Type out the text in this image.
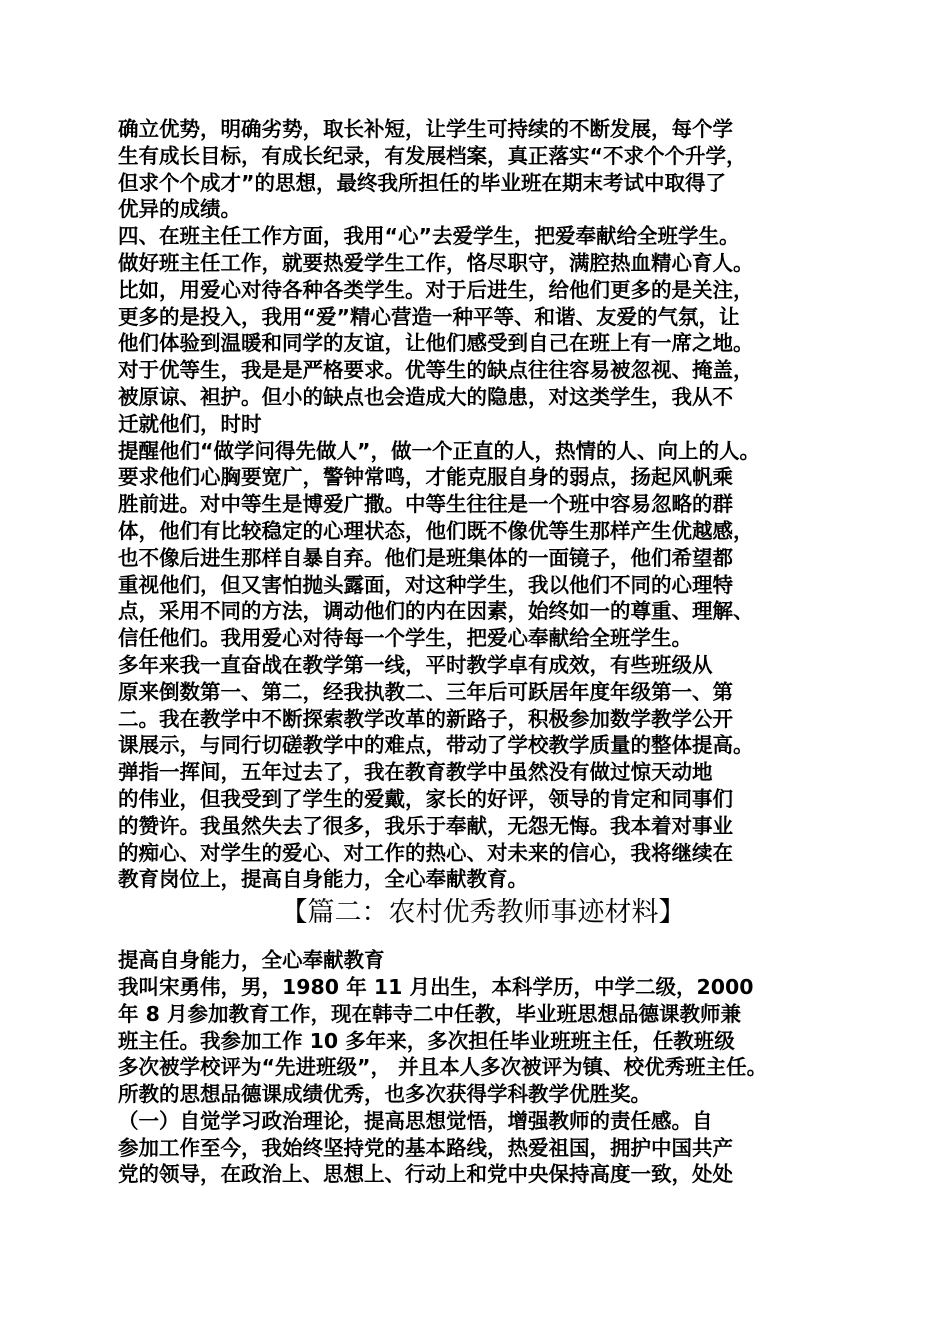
确立优势，明确劣势，取长补短，让学生可持续的不断发展，每个学
生有成长目标，有成长纪录，有发展档案，真正落实“不求个个升学，
但求个个成才”的思想，最终我所担任的毕业班在期末考试中取得了
优异的成绩。
四、在班主任工作方面，我用“心”去爱学生，把爱奉献给全班学生。
做好班主任工作，就要热爱学生工作，恪尽职守，满腔热血精心育人。
比如，用爱心对待各种各类学生。对于后进生，给他们更多的是关注，
更多的是投入，我用“爱”精心营造一种平等、和谐、友爱的气氛，让
他们体验到温暖和同学的友谊，让他们感受到自己在班上有一席之地。
对于优等生，我是是严格要求。优等生的缺点往往容易被忽视、掩盖，
被原谅、袒护。但小的缺点也会造成大的隐患，对这类学生，我从不
迁就他们，时时
提醒他们“做学问得先做人”，做一个正直的人，热情的人、向上的人。
要求他们心胸要宽广，警钟常鸣，才能克服自身的弱点，扬起风帆乘
胜前进。对中等生是博爱广撒。中等生往往是一个班中容易忽略的群
体，他们有比较稳定的心理状态，他们既不像优等生那样产生优越感，
也不像后进生那样自暴自弃。他们是班集体的一面镜子，他们希望都
重视他们，但又害怕抛头露面，对这种学生，我以他们不同的心理特
点，采用不同的方法，调动他们的内在因素，始终如一的尊重、理解、
信任他们。我用爱心对待每一个学生，把爱心奉献给全班学生。
多年来我一直奋战在教学第一线，平时教学卓有成效，有些班级从
原来倒数第一、第二，经我执教二、三年后可跃居年度年级第一、第
二。我在教学中不断探索教学改革的新路子，积极参加数学教学公开
课展示，与同行切磋教学中的难点，带动了学校教学质量的整体提高。
弹指一挥间，五年过去了，我在教育教学中虽然没有做过惊天动地
的伟业，但我受到了学生的爱戴，家长的好评，领导的肯定和同事们
的赞许。我虽然失去了很多，我乐于奉献，无怨无悔。我本着对事业
的痴心、对学生的爱心、对工作的热心、对未来的信心，我将继续在
教育岗位上，提高自身能力，全心奉献教育。
【篇二：农村优秀教师事迹材料】
提高自身能力，全心奉献教育
我叫宋勇伟，男，1980 年 11 月出生，本科学历，中学二级，2000
年 8 月参加教育工作，现在韩寺二中任教，毕业班思想品德课教师兼
班主任。我参加工作 10 多年来，多次担任毕业班班主任，任教班级
多次被学校评为“先进班级”， 并且本人多次被评为镇、校优秀班主任。
所教的思想品德课成绩优秀，也多次获得学科教学优胜奖。
（一）自觉学习政治理论，提高思想觉悟，增强教师的责任感。自
参加工作至今，我始终坚持党的基本路线，热爱祖国，拥护中国共产
党的领导，在政治上、思想上、行动上和党中央保持高度一致，处处
